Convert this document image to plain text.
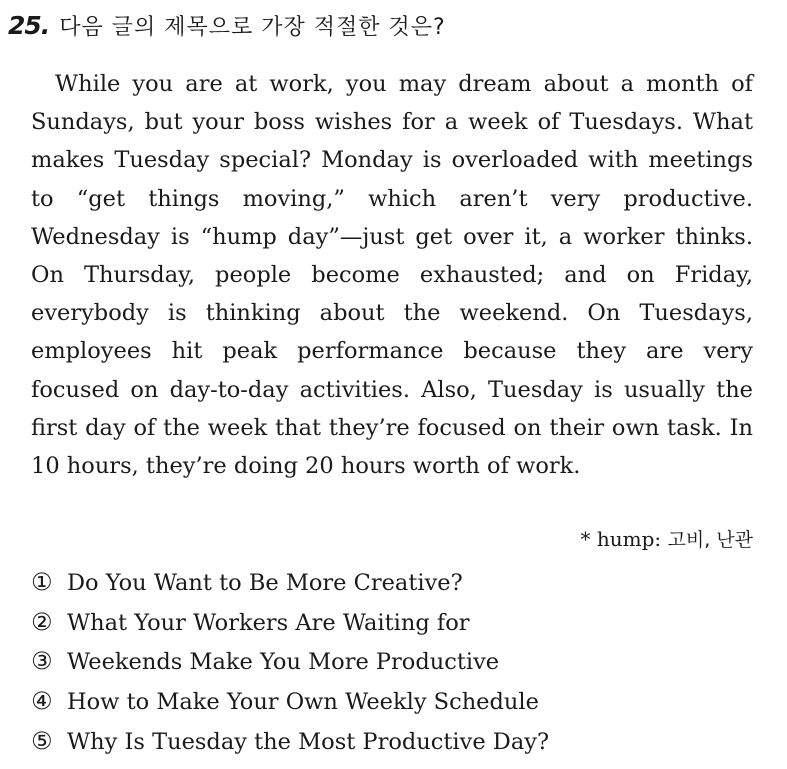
25. 다음 글의 제목으로 가장 적절한 것은?

While you are at work, you may dream about a month of Sundays, but your boss wishes for a week of Tuesdays. What makes Tuesday special? Monday is overloaded with meetings to “get things moving,” which aren’t very productive. Wednesday is “hump day”—just get over it, a worker thinks. On Thursday, people become exhausted; and on Friday, everybody is thinking about the weekend. On Tuesdays, employees hit peak performance because they are very focused on day-to-day activities. Also, Tuesday is usually the first day of the week that they’re focused on their own task. In 10 hours, they’re doing 20 hours worth of work.

* hump: 고비, 난관
① Do You Want to Be More Creative?
② What Your Workers Are Waiting for
③ Weekends Make You More Productive
④ How to Make Your Own Weekly Schedule
⑤ Why Is Tuesday the Most Productive Day?
